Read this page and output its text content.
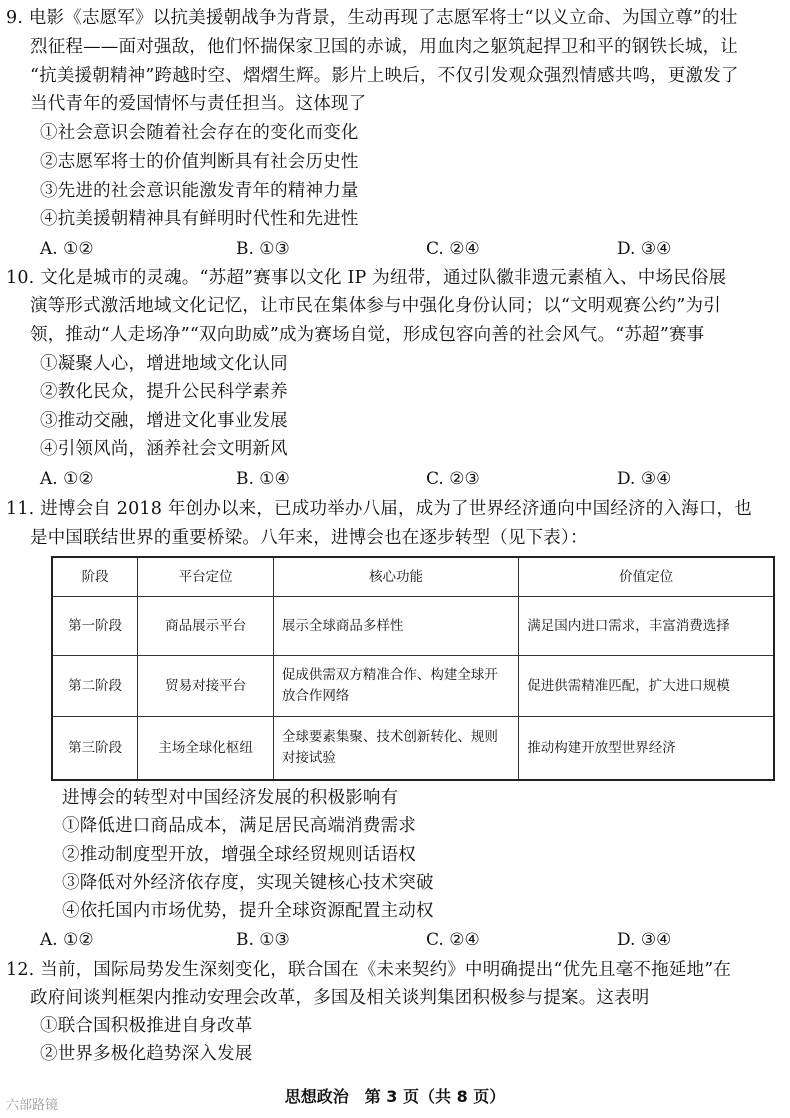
9. 电影《志愿军》以抗美援朝战争为背景，生动再现了志愿军将士“以义立命、为国立尊”的壮
烈征程——面对强敌，他们怀揣保家卫国的赤诚，用血肉之躯筑起捍卫和平的钢铁长城，让
“抗美援朝精神”跨越时空、熠熠生辉。影片上映后，不仅引发观众强烈情感共鸣，更激发了
当代青年的爱国情怀与责任担当。这体现了
①社会意识会随着社会存在的变化而变化
②志愿军将士的价值判断具有社会历史性
③先进的社会意识能激发青年的精神力量
④抗美援朝精神具有鲜明时代性和先进性
A. ①②	B. ①③	C. ②④	D. ③④
10. 文化是城市的灵魂。“苏超”赛事以文化 IP 为纽带，通过队徽非遗元素植入、中场民俗展
演等形式激活地域文化记忆，让市民在集体参与中强化身份认同；以“文明观赛公约”为引
领，推动“人走场净”“双向助威”成为赛场自觉，形成包容向善的社会风气。“苏超”赛事
①凝聚人心，增进地域文化认同
②教化民众，提升公民科学素养
③推动交融，增进文化事业发展
④引领风尚，涵养社会文明新风
A. ①②	B. ①④	C. ②③	D. ③④
11. 进博会自 2018 年创办以来，已成功举办八届，成为了世界经济通向中国经济的入海口，也
是中国联结世界的重要桥梁。八年来，进博会也在逐步转型（见下表）：
阶段	平台定位	核心功能	价值定位
第一阶段	商品展示平台	展示全球商品多样性	满足国内进口需求，丰富消费选择
第二阶段	贸易对接平台	促成供需双方精准合作、构建全球开放合作网络	促进供需精准匹配，扩大进口规模
第三阶段	主场全球化枢纽	全球要素集聚、技术创新转化、规则对接试验	推动构建开放型世界经济
进博会的转型对中国经济发展的积极影响有
①降低进口商品成本，满足居民高端消费需求
②推动制度型开放，增强全球经贸规则话语权
③降低对外经济依存度，实现关键核心技术突破
④依托国内市场优势，提升全球资源配置主动权
A. ①②	B. ①③	C. ②④	D. ③④
12. 当前，国际局势发生深刻变化，联合国在《未来契约》中明确提出“优先且毫不拖延地”在
政府间谈判框架内推动安理会改革，多国及相关谈判集团积极参与提案。这表明
①联合国积极推进自身改革
②世界多极化趋势深入发展
思想政治　第 3 页（共 8 页）
六部路镜
